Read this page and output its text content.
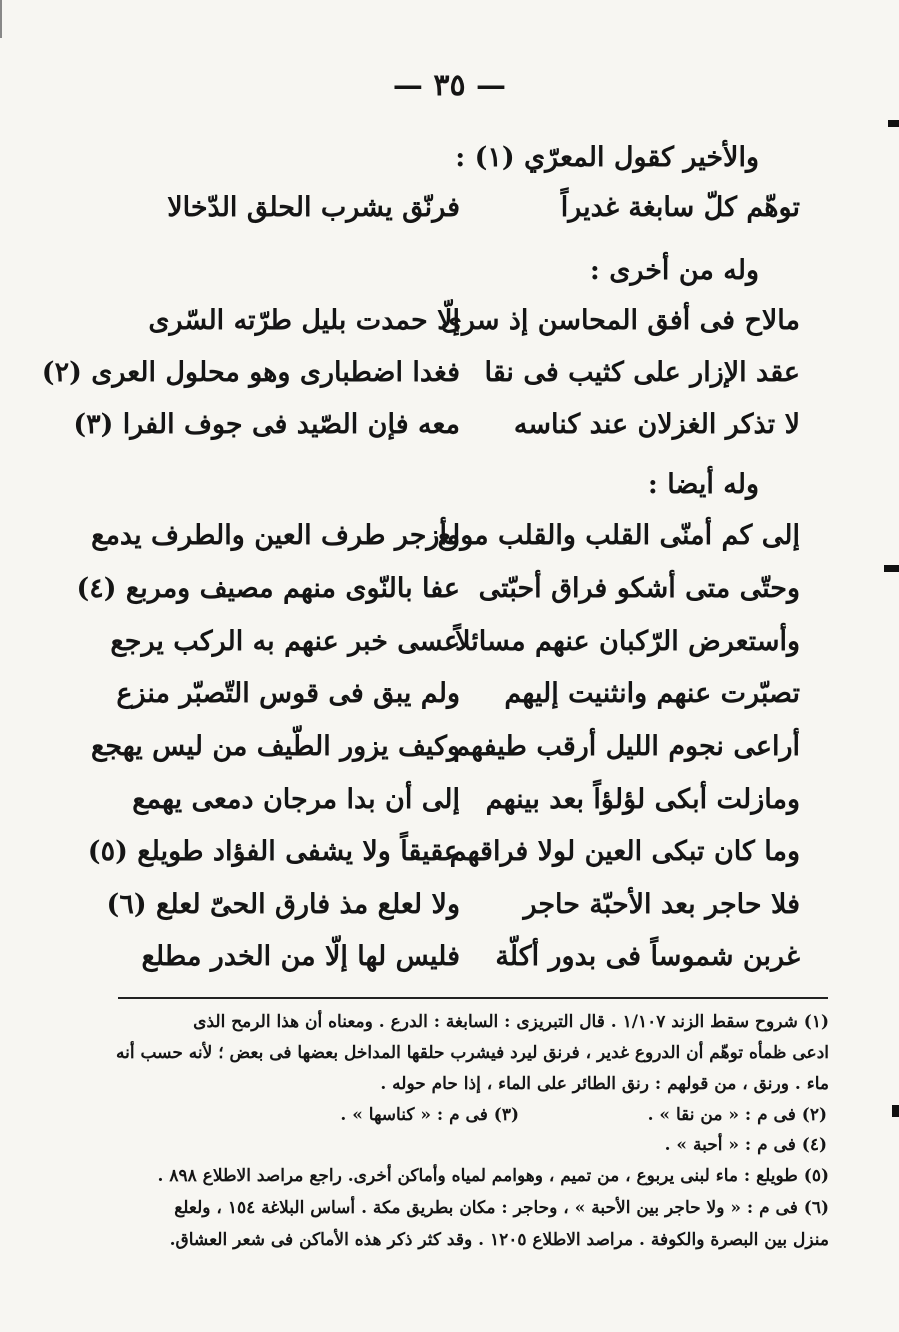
— ٣٥ —
والأخير كقول المعرّي (١) :
توهّم كلّ سابغة غديراً
فرنّق يشرب الحلق الدّخالا
وله من أخرى :
مالاح فى أفق المحاسن إذ سرى
إلّا حمدت بليل طرّته السّرى
عقد الإزار على كثيب فى نقا
فغدا اضطبارى وهو محلول العرى (٢)
لا تذكر الغزلان عند كناسه
معه فإن الصّيد فى جوف الفرا (٣)
وله أيضا :
إلى كم أمنّى القلب والقلب مولع
وأزجر طرف العين والطرف يدمع
وحتّى متى أشكو فراق أحبّتى
عفا بالنّوى منهم مصيف ومربع (٤)
وأستعرض الرّكبان عنهم مسائلاً
عسى خبر عنهم به الركب يرجع
تصبّرت عنهم وانثنيت إليهم
ولم يبق فى قوس التّصبّر منزع
أراعى نجوم الليل أرقب طيفهم
وكيف يزور الطّيف من ليس يهجع
ومازلت أبكى لؤلؤاً بعد بينهم
إلى أن بدا مرجان دمعى يهمع
وما كان تبكى العين لولا فراقهم
عقيقاً ولا يشفى الفؤاد طويلع (٥)
فلا حاجر بعد الأحبّة حاجر
ولا لعلع مذ فارق الحىّ لعلع (٦)
غربن شموساً فى بدور أكلّة
فليس لها إلّا من الخدر مطلع
(١) شروح سقط الزند ١/١٠٧ . قال التبريزى : السابغة : الدرع . ومعناه أن هذا الرمح الذى
ادعى ظمأه توهّم أن الدروع غدير ، فرنق ليرد فيشرب حلقها المداخل بعضها فى بعض ؛ لأنه حسب أنه
ماء . ورنق ، من قولهم : رنق الطائر على الماء ، إذا حام حوله .
(٢) فى م : « من نقا » .
(٣) فى م : « كناسها » .
(٤) فى م : « أحبة » .
(٥) طويلع : ماء لبنى يربوع ، من تميم ، وهوامم لمياه وأماكن أخرى. راجع مراصد الاطلاع ٨٩٨ .
(٦) فى م : « ولا حاجر بين الأحبة » ، وحاجر : مكان بطريق مكة . أساس البلاغة ١٥٤ ، ولعلع
منزل بين البصرة والكوفة . مراصد الاطلاع ١٢٠٥ . وقد كثر ذكر هذه الأماكن فى شعر العشاق.
